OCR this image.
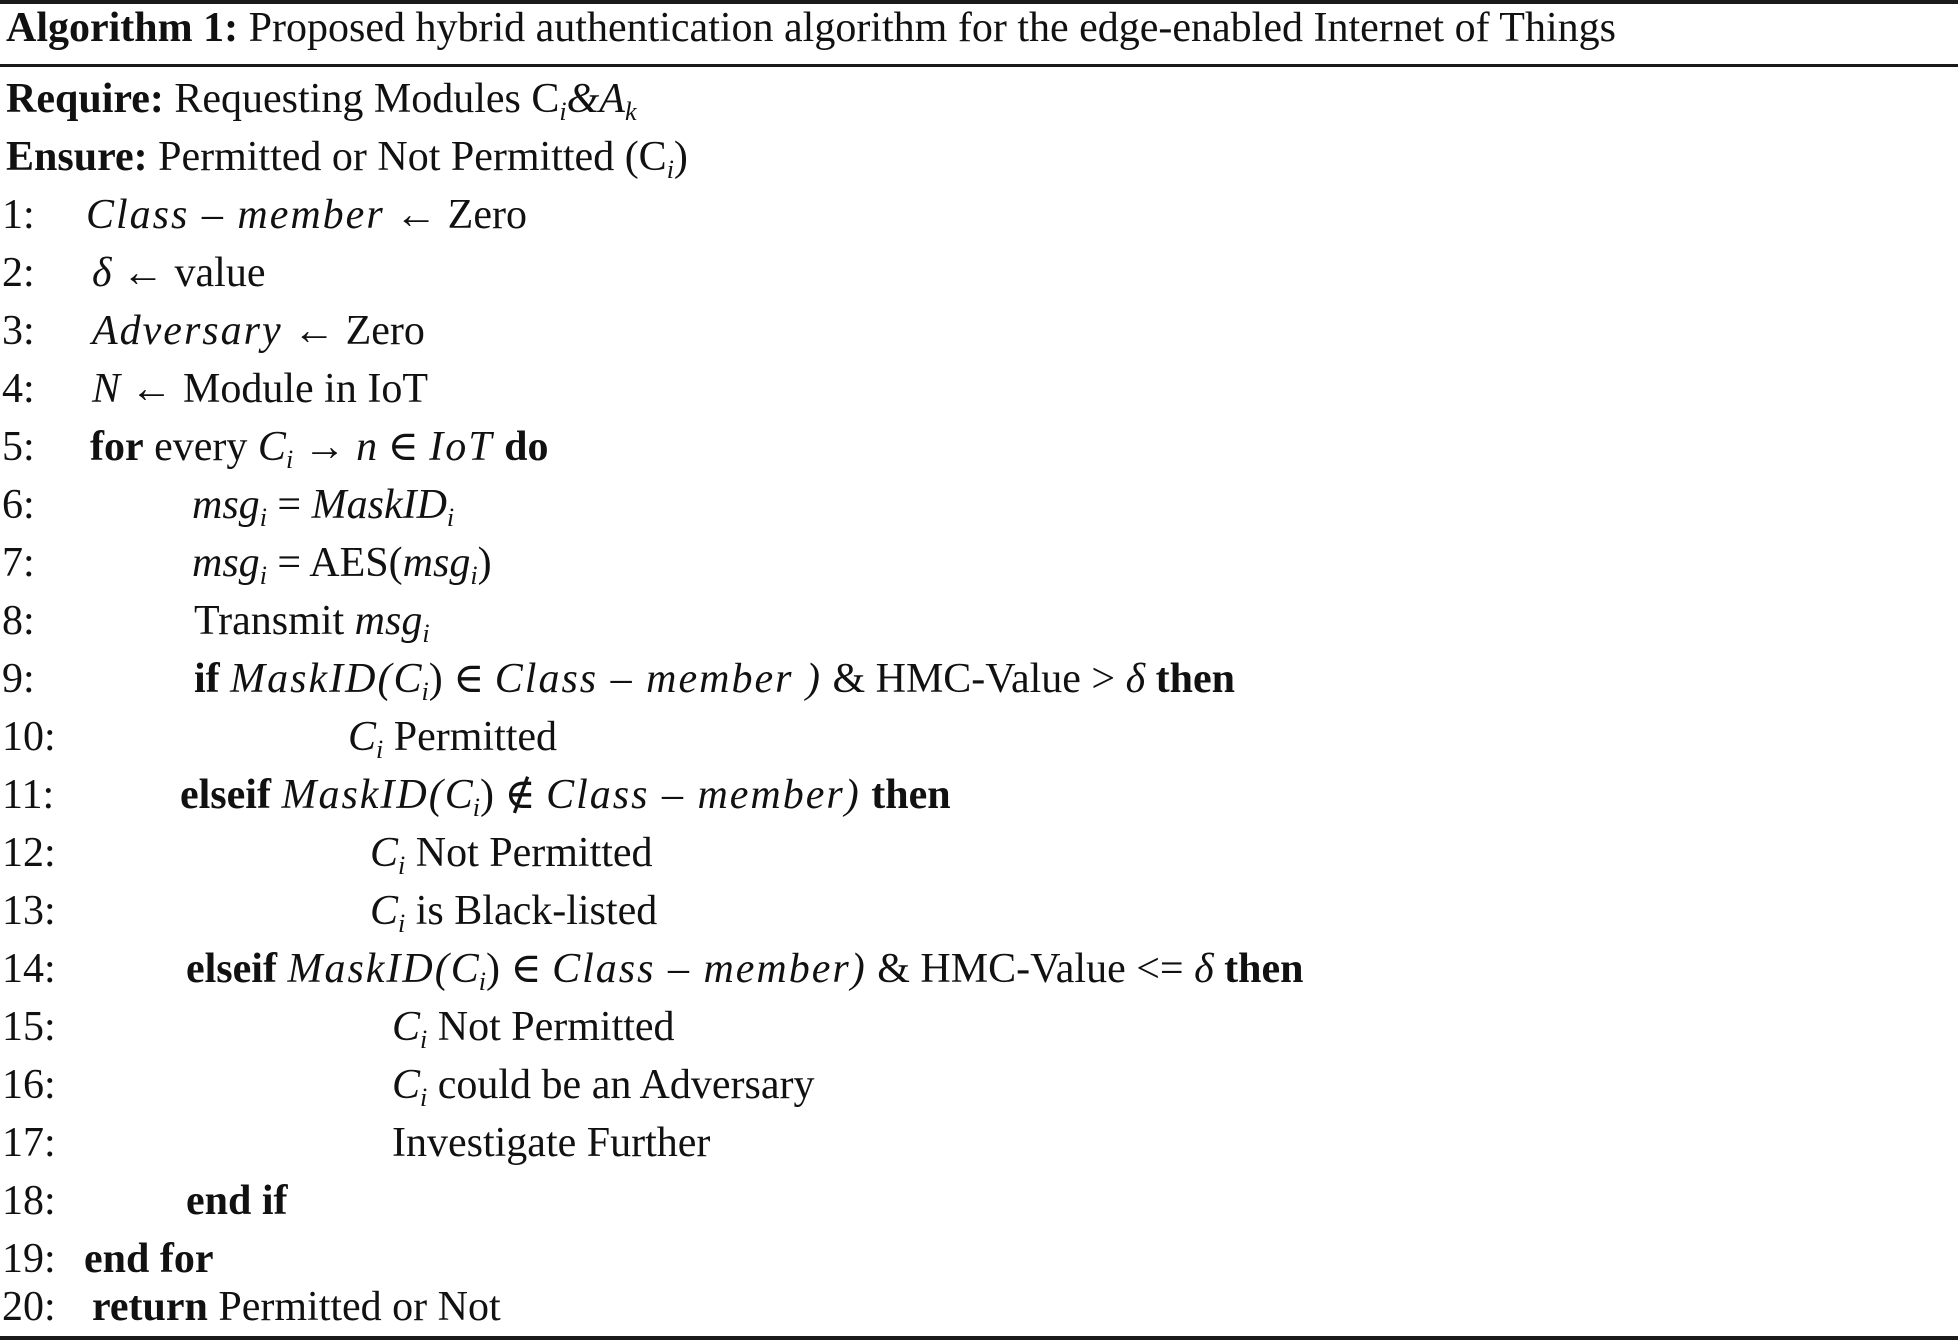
Algorithm 1: Proposed hybrid authentication algorithm for the edge-enabled Internet of Things
Require: Requesting Modules $C_i\&A_k$
Ensure: Permitted or Not Permitted $(C_i)$
1: Class – member ← Zero
2: δ ← value
3: Adversary ← Zero
4: N ← Module in IoT
5: for every $C_i \to n$ ∈ IoT do
6:	msg$_i$ = MaskID$_i$
7:	msg$_i$ = AES(msg$_i$)
8:	Transmit msg$_i$
9:	if $MaskID(C_i)$ ∈ Class – member ) & HMC-Value > δ then
10:	$C_i$ Permitted
11:	elseif $MaskID(C_i)$ ∉ Class – member) then
12:	$C_i$ Not Permitted
13:	$C_i$ is Black-listed
14:	elseif $MaskID(C_i)$ ∈ Class – member) & HMC-Value <= δ then
15:	$C_i$ Not Permitted
16:	$C_i$ could be an Adversary
17:	Investigate Further
18:	end if
19: end for
20: return Permitted or Not
